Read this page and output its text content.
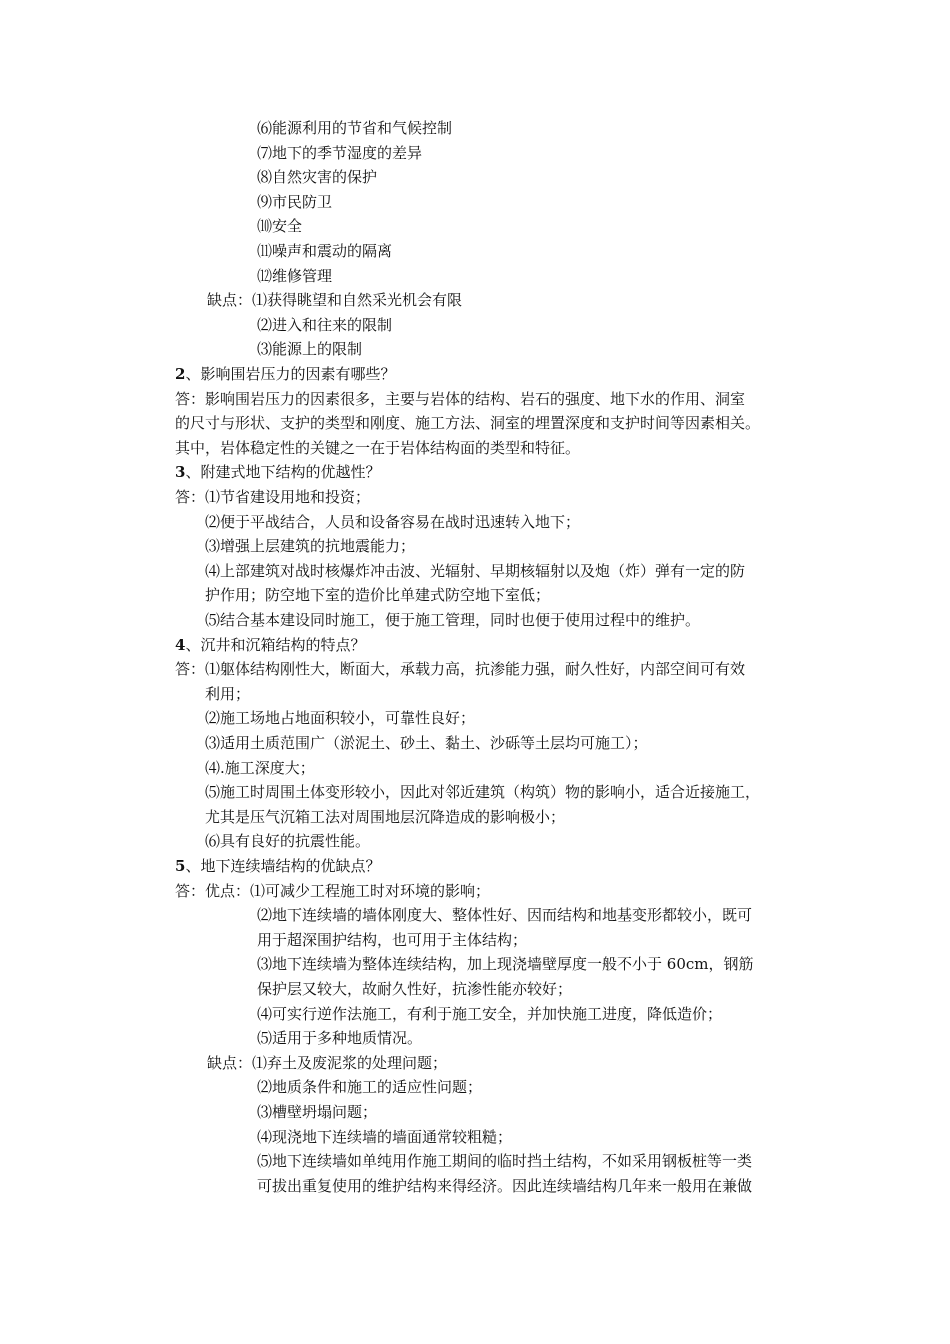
⑹能源利用的节省和气候控制
⑺地下的季节湿度的差异
⑻自然灾害的保护
⑼市民防卫
⑽安全
⑾噪声和震动的隔离
⑿维修管理
缺点：⑴获得眺望和自然采光机会有限
⑵进入和往来的限制
⑶能源上的限制
2、影响围岩压力的因素有哪些？
答：影响围岩压力的因素很多，主要与岩体的结构、岩石的强度、地下水的作用、洞室
的尺寸与形状、支护的类型和刚度、施工方法、洞室的埋置深度和支护时间等因素相关。
其中，岩体稳定性的关键之一在于岩体结构面的类型和特征。
3、附建式地下结构的优越性？
答：⑴节省建设用地和投资；
⑵便于平战结合，人员和设备容易在战时迅速转入地下；
⑶增强上层建筑的抗地震能力；
⑷上部建筑对战时核爆炸冲击波、光辐射、早期核辐射以及炮（炸）弹有一定的防
护作用；防空地下室的造价比单建式防空地下室低；
⑸结合基本建设同时施工，便于施工管理，同时也便于使用过程中的维护。
4、沉井和沉箱结构的特点？
答：⑴躯体结构刚性大，断面大，承载力高，抗渗能力强，耐久性好，内部空间可有效
利用；
⑵施工场地占地面积较小，可靠性良好；
⑶适用土质范围广（淤泥土、砂土、黏土、沙砾等土层均可施工）；
⑷.施工深度大；
⑸施工时周围土体变形较小，因此对邻近建筑（构筑）物的影响小，适合近接施工，
尤其是压气沉箱工法对周围地层沉降造成的影响极小；
⑹具有良好的抗震性能。
5、地下连续墙结构的优缺点？
答：优点：⑴可减少工程施工时对环境的影响；
⑵地下连续墙的墙体刚度大、整体性好、因而结构和地基变形都较小，既可
用于超深围护结构，也可用于主体结构；
⑶地下连续墙为整体连续结构，加上现浇墙壁厚度一般不小于 60cm，钢筋
保护层又较大，故耐久性好，抗渗性能亦较好；
⑷可实行逆作法施工，有利于施工安全，并加快施工进度，降低造价；
⑸适用于多种地质情况。
缺点：⑴弃土及废泥浆的处理问题；
⑵地质条件和施工的适应性问题；
⑶槽壁坍塌问题；
⑷现浇地下连续墙的墙面通常较粗糙；
⑸地下连续墙如单纯用作施工期间的临时挡土结构，不如采用钢板桩等一类
可拔出重复使用的维护结构来得经济。因此连续墙结构几年来一般用在兼做
